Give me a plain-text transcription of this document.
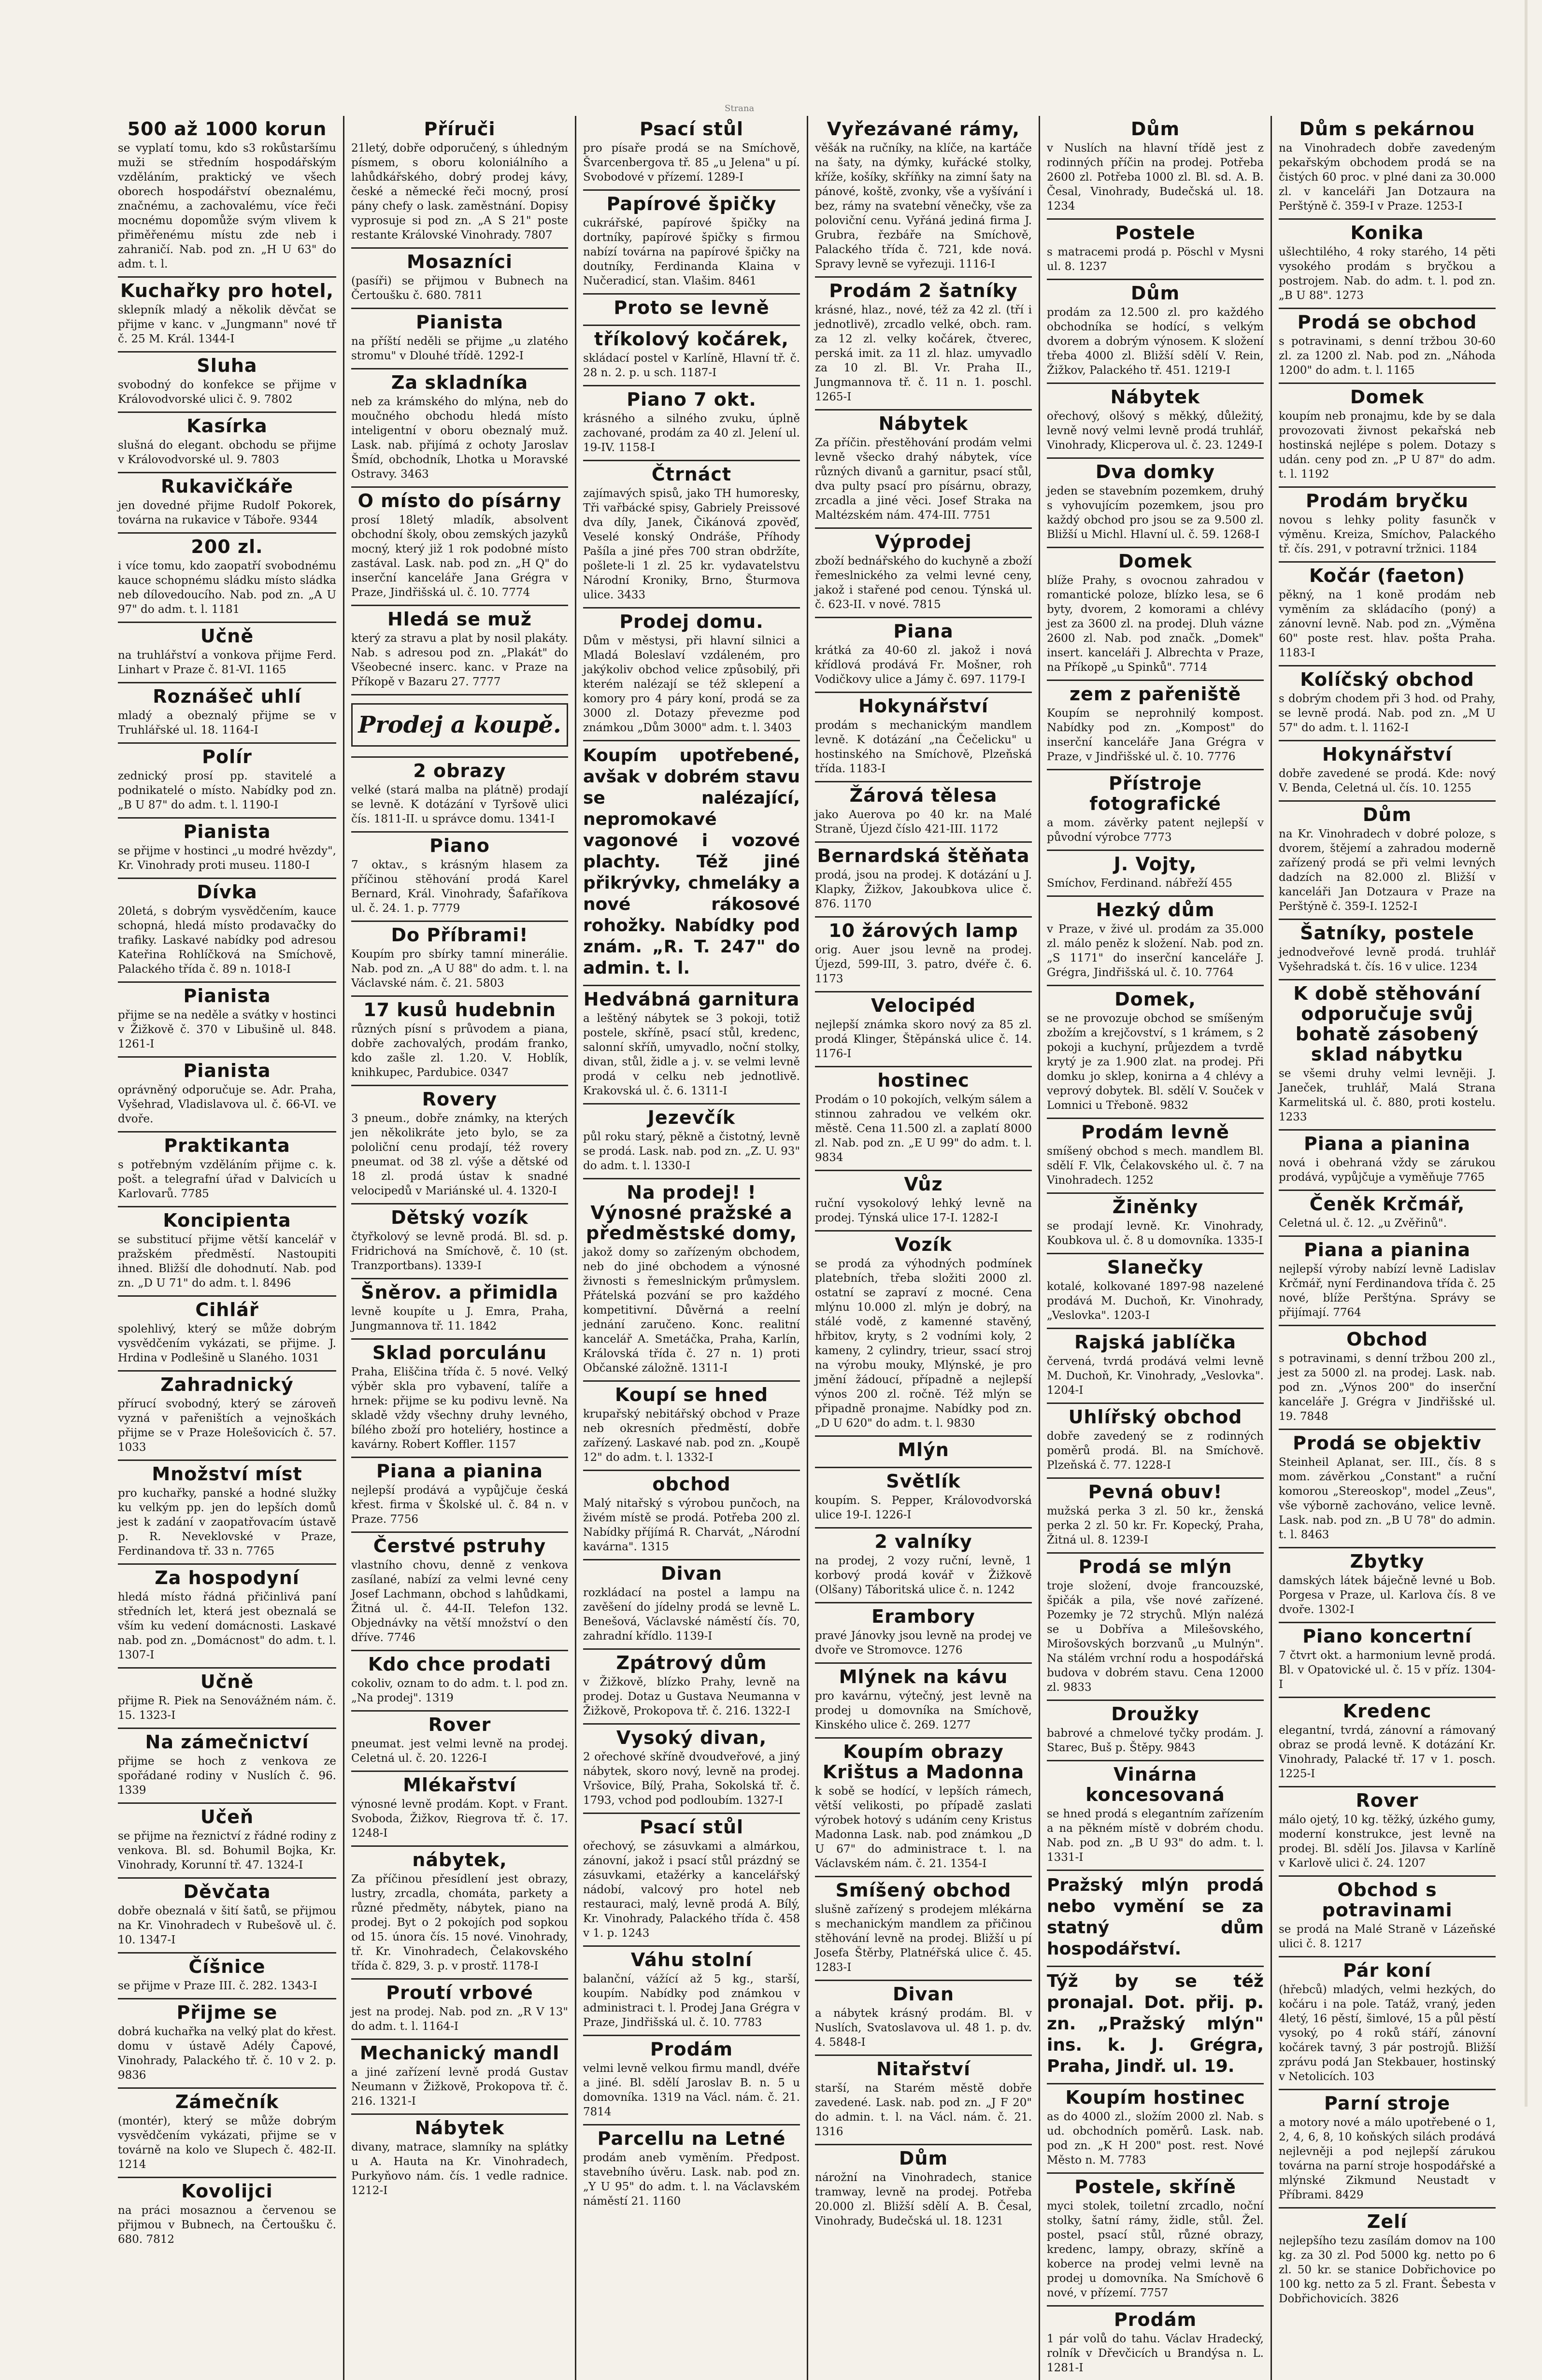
Strana
500 až 1000 korun

se vyplatí tomu, kdo s3 rokůstaršímu muži se středním hospodářským vzděláním, praktický ve všech oborech hospodářství obeznalému, značnému, a zachovalému, více řeči mocnému dopomůže svým vlivem k přiměřenému místu zde neb i zahraničí. Nab. pod zn. „H U 63" do adm. t. l.

Kuchařky pro hotel,

sklepník mladý a několik děvčat se přijme v kanc. v „Jungmann" nové tř č. 25 M. Král. 1344-I

Sluha

svobodný do konfekce se přijme v Královodvorské ulici č. 9. 7802

Kasírka

slušná do elegant. obchodu se přijme v Královodvorské ul. 9. 7803

Rukavičkáře

jen dovedné přijme Rudolf Pokorek, továrna na rukavice v Táboře. 9344

200 zl.

i více tomu, kdo zaopatří svobodnému kauce schopnému sládku místo sládka neb dílovedoucího. Nab. pod zn. „A U 97" do adm. t. l. 1181

Učně

na truhlářství a vonkova přijme Ferd. Linhart v Praze č. 81-VI. 1165

Roznášeč uhlí

mladý a obeznalý přijme se v Truhlářské ul. 18. 1164-I

Polír

zednický prosí pp. stavitelé a podnikatelé o místo. Nabídky pod zn. „B U 87" do adm. t. l. 1190-I

Pianista

se přijme v hostinci „u modré hvězdy", Kr. Vinohrady proti museu. 1180-I

Dívka

20letá, s dobrým vysvědčením, kauce schopná, hledá místo prodavačky do trafiky. Laskavé nabídky pod adresou Kateřina Rohlíčková na Smíchově, Palackého třída č. 89 n. 1018-I

Pianista

přijme se na neděle a svátky v hostinci v Žižkově č. 370 v Libušině ul. 848. 1261-I

Pianista

oprávněný odporučuje se. Adr. Praha, Vyšehrad, Vladislavova ul. č. 66-VI. ve dvoře.

Praktikanta

s potřebným vzděláním přijme c. k. pošt. a telegrafní úřad v Dalvicích u Karlovarů. 7785

Koncipienta

se substitucí přijme větší kancelář v pražském předměstí. Nastoupiti ihned. Bližší dle dohodnutí. Nab. pod zn. „D U 71" do adm. t. l. 8496

Cihlář

spolehlivý, který se může dobrým vysvědčením vykázati, se přijme. J. Hrdina v Podlešině u Slaného. 1031

Zahradnický

přírucí svobodný, který se zároveň vyzná v pařeništích a vejnoškách přijme se v Praze Holešovicích č. 57. 1033

Množství míst

pro kuchařky, panské a hodné služky ku velkým pp. jen do lepších domů jest k zadání v zaopatřovacím ústavě p. R. Neveklovské v Praze, Ferdinandova tř. 33 n. 7765

Za hospodyní

hledá místo řádná přičinlivá paní středních let, která jest obeznalá se vším ku vedení domácnosti. Laskavé nab. pod zn. „Domácnost" do adm. t. l. 1307-I

Učně

přijme R. Piek na Senovážném nám. č. 15. 1323-I

Na zámečnictví

přijme se hoch z venkova ze spořádané rodiny v Nuslích č. 96. 1339

Učeň

se přijme na řeznictví z řádné rodiny z venkova. Bl. sd. Bohumil Bojka, Kr. Vinohrady, Korunní tř. 47. 1324-I

Děvčata

dobře obeznalá v šití šatů, se přijmou na Kr. Vinohradech v Rubešově ul. č. 10. 1347-I

Číšnice

se přijme v Praze III. č. 282. 1343-I

Přijme se

dobrá kuchařka na velký plat do křest. domu v ústavě Adély Čapové, Vinohrady, Palackého tř. č. 10 v 2. p. 9836

Zámečník

(montér), který se může dobrým vysvědčením vykázati, přijme se v továrně na kolo ve Slupech č. 482-II. 1214

Kovolijci

na práci mosaznou a červenou se přijmou v Bubnech, na Čertoušku č. 680. 7812

Příruči

21letý, dobře odporučený, s úhledným písmem, s oboru koloniálního a lahůdkářského, dobrý prodej kávy, české a německé řeči mocný, prosí pány chefy o lask. zaměstnání. Dopisy vyprosuje si pod zn. „A S 21" poste restante Královské Vinohrady. 7807

Mosazníci

(pasíři) se přijmou v Bubnech na Čertoušku č. 680. 7811

Pianista

na příští neděli se přijme „u zlatého stromu" v Dlouhé třídě. 1292-I

Za skladníka

neb za krámského do mlýna, neb do moučného obchodu hledá místo inteligentní v oboru obeznalý muž. Lask. nab. přijímá z ochoty Jaroslav Šmíd, obchodník, Lhotka u Moravské Ostravy. 3463

O místo do písárny

prosí 18letý mladík, absolvent obchodní školy, obou zemských jazyků mocný, který již 1 rok podobné místo zastával. Lask. nab. pod zn. „H Q" do inserční kanceláře Jana Grégra v Praze, Jindřišská ul. č. 10. 7774

Hledá se muž

který za stravu a plat by nosil plakáty. Nab. s adresou pod zn. „Plakát" do Všeobecné inserc. kanc. v Praze na Příkopě v Bazaru 27. 7777

Prodej a koupě.
2 obrazy

velké (stará malba na plátně) prodají se levně. K dotázání v Tyršově ulici čís. 1811-II. u správce domu. 1341-I

Piano

7 oktav., s krásným hlasem za příčinou stěhování prodá Karel Bernard, Král. Vinohrady, Šafaříkova ul. č. 24. 1. p. 7779

Do Příbrami!

Koupím pro sbírky tamní minerálie. Nab. pod zn. „A U 88" do adm. t. l. na Václavské nám. č. 21. 5803

17 kusů hudebnin

různých písní s průvodem a piana, dobře zachovalých, prodám franko, kdo zašle zl. 1.20. V. Hoblík, knihkupec, Pardubice. 0347

Rovery

3 pneum., dobře známky, na kterých jen několikráte jeto bylo, se za pololiční cenu prodají, též rovery pneumat. od 38 zl. výše a dětské od 18 zl. prodá ústav k snadné velocipedů v Mariánské ul. 4. 1320-I

Dětský vozík

čtyřkolový se levně prodá. Bl. sd. p. Fridrichová na Smíchově, č. 10 (st. Tranzportbans). 1339-I

Šněrov. a přimidla

levně koupíte u J. Emra, Praha, Jungmannova tř. 11. 1842

Sklad porculánu

Praha, Eliščina třída č. 5 nové. Velký výběr skla pro vybavení, talíře a hrnek: přijme se ku podivu levně. Na skladě vždy všechny druhy levného, bílého zboží pro hoteliéry, hostince a kavárny. Robert Koffler. 1157

Piana a pianina

nejlepší prodává a vypůjčuje česká křest. firma v Školské ul. č. 84 n. v Praze. 7756

Čerstvé pstruhy

vlastního chovu, denně z venkova zasílané, nabízí za velmi levné ceny Josef Lachmann, obchod s lahůdkami, Žitná ul. č. 44-II. Telefon 132. Objednávky na větší množství o den dříve. 7746

Kdo chce prodati

cokoliv, oznam to do adm. t. l. pod zn. „Na prodej". 1319

Rover

pneumat. jest velmi levně na prodej. Celetná ul. č. 20. 1226-I

Mlékařství

výnosné levně prodám. Kopt. v Frant. Svoboda, Žižkov, Riegrova tř. č. 17. 1248-I

nábytek,

Za příčinou přesídlení jest obrazy, lustry, zrcadla, chomáta, parkety a různé předměty, nábytek, piano na prodej. Byt o 2 pokojích pod sopkou od 15. února čís. 15 nové. Vinohrady, tř. Kr. Vinohradech, Čelakovského třída č. 829, 3. p. v prostř. 1178-I

Proutí vrbové

jest na prodej. Nab. pod zn. „R V 13" do adm. t. l. 1164-I

Mechanický mandl

a jiné zařízení levně prodá Gustav Neumann v Žižkově, Prokopova tř. č. 216. 1321-I

Nábytek

divany, matrace, slamníky na splátky u A. Hauta na Kr. Vinohradech, Purkyňovo nám. čís. 1 vedle radnice. 1212-I

Psací stůl

pro písaře prodá se na Smíchově, Švarcenbergova tř. 85 „u Jelena" u pí. Svobodové v přízemí. 1289-I

Papírové špičky

cukrářské, papírové špičky na dortníky, papírové špičky s firmou nabízí továrna na papírové špičky na doutníky, Ferdinanda Klaina v Nučeradicí, stan. Vlašim. 8461

Proto se levně
tříkolový kočárek,

skládací postel v Karlíně, Hlavní tř. č. 28 n. 2. p. u sch. 1187-I

Piano 7 okt.

krásného a silného zvuku, úplně zachované, prodám za 40 zl. Jelení ul. 19-IV. 1158-I

Čtrnáct

zajímavých spisů, jako TH humoresky, Tři vařbácké spisy, Gabriely Preissové dva díly, Janek, Čikánová zpověď, Veselé konský Ondráše, Příhody Pašíla a jiné přes 700 stran obdržíte, pošlete-li 1 zl. 25 kr. vydavatelstvu Národní Kroniky, Brno, Šturmova ulice. 3433

Prodej domu.

Dům v městysi, při hlavní silnici a Mladá Boleslaví vzdáleném, pro jakýkoliv obchod velice způsobilý, při kterém nalézají se též sklepení a komory pro 4 páry koní, prodá se za 3000 zl. Dotazy převezme pod známkou „Dům 3000" adm. t. l. 3403

Koupím upotřebené, avšak v dobrém stavu se nalézající, nepromokavé vagonové i vozové plachty. Též jiné přikrývky, chmeláky a nové rákosové rohožky. Nabídky pod znám. „R. T. 247" do admin. t. l.

Hedvábná garnitura

a leštěný nábytek se 3 pokoji, totiž postele, skříně, psací stůl, kredenc, salonní skříň, umyvadlo, noční stolky, divan, stůl, židle a j. v. se velmi levně prodá v celku neb jednotlivě. Krakovská ul. č. 6. 1311-I

Jezevčík

půl roku starý, pěkně a čistotný, levně se prodá. Lask. nab. pod zn. „Z. U. 93" do adm. t. l. 1330-I

Na prodej! ! Výnosné pražské a předměstské domy,

jakož domy so zařízeným obchodem, neb do jiné obchodem a výnosné živnosti s řemeslnickým průmyslem. Přátelská pozvání se pro každého kompetitivní. Důvěrná a reelní jednání zaručeno. Konc. realitní kancelář A. Smetáčka, Praha, Karlín, Královská třída č. 27 n. 1) proti Občanské záložně. 1311-I

Koupí se hned

krupařský nebitářský obchod v Praze neb okresních předměstí, dobře zařízený. Laskavé nab. pod zn. „Koupě 12" do adm. t. l. 1332-I

obchod

Malý nitařský s výrobou punčoch, na živém místě se prodá. Potřeba 200 zl. Nabídky příjímá R. Charvát, „Národní kavárna". 1315

Divan

rozkládací na postel a lampu na zavěšení do jídelny prodá se levně L. Benešová, Václavské náměstí čís. 70, zahradní křídlo. 1139-I

Zpátrový dům

v Žižkově, blízko Prahy, levně na prodej. Dotaz u Gustava Neumanna v Žižkově, Prokopova tř. č. 216. 1322-I

Vysoký divan,

2 ořechové skříně dvoudveřové, a jiný nábytek, skoro nový, levně na prodej. Vršovice, Bílý, Praha, Sokolská tř. č. 1793, vchod pod podloubím. 1327-I

Psací stůl

ořechový, se zásuvkami a almárkou, zánovní, jakož i psací stůl prázdný se zásuvkami, etažérky a kancelářský nádobí, valcový pro hotel neb restauraci, malý, levně prodá A. Bílý, Kr. Vinohrady, Palackého třída č. 458 v 1. p. 1243

Váhu stolní

balanční, vážící až 5 kg., starší, koupím. Nabídky pod známkou v administraci t. l. Prodej Jana Grégra v Praze, Jindřišská ul. č. 10. 7783

Prodám

velmi levně velkou firmu mandl, dvéře a jiné. Bl. sdělí Jaroslav B. n. 5 u domovníka. 1319 na Václ. nám. č. 21. 7814

Parcellu na Letné

prodám aneb vyměním. Předpost. stavebního úvěru. Lask. nab. pod zn. „Y U 95" do adm. t. l. na Václavském náměstí 21. 1160

Vyřezávané rámy,

věšák na ručníky, na klíče, na kartáče na šaty, na dýmky, kuřácké stolky, kříže, košíky, skříňky na zimní šaty na pánové, koště, zvonky, vše a vyšívání i bez, rámy na svatební věnečky, vše za poloviční cenu. Vyřáná jediná firma J. Grubra, řezbáře na Smíchově, Palackého třída č. 721, kde nová. Spravy levně se vyřezuji. 1116-I

Prodám 2 šatníky

krásné, hlaz., nové, též za 42 zl. (tří i jednotlivě), zrcadlo velké, obch. ram. za 12 zl. velky kočárek, čtverec, perská imit. za 11 zl. hlaz. umyvadlo za 10 zl. Bl. Vr. Praha II., Jungmannova tř. č. 11 n. 1. poschl. 1265-I

Nábytek

Za příčin. přestěhování prodám velmi levně všecko drahý nábytek, více různých divanů a garnitur, psací stůl, dva pulty psací pro písárnu, obrazy, zrcadla a jiné věci. Josef Straka na Maltézském nám. 474-III. 7751

Výprodej

zboží bednářského do kuchyně a zboží řemeslnického za velmi levné ceny, jakož i stařené pod cenou. Týnská ul. č. 623-II. v nové. 7815

Piana

krátká za 40-60 zl. jakož i nová křídlová prodává Fr. Mošner, roh Vodičkovy ulice a Jámy č. 697. 1179-I

Hokynářství

prodám s mechanickým mandlem levně. K dotázání „na Čečelicku" u hostinského na Smíchově, Plzeňská třída. 1183-I

Žárová tělesa

jako Auerova po 40 kr. na Malé Straně, Újezd číslo 421-III. 1172

Bernardská štěňata

prodá, jsou na prodej. K dotázání u J. Klapky, Žižkov, Jakoubkova ulice č. 876. 1170

10 žárových lamp

orig. Auer jsou levně na prodej. Újezd, 599-III, 3. patro, dvéře č. 6. 1173

Velocipéd

nejlepší známka skoro nový za 85 zl. prodá Klinger, Štěpánská ulice č. 14. 1176-I

hostinec

Prodám o 10 pokojích, velkým sálem a stinnou zahradou ve velkém okr. městě. Cena 11.500 zl. a zaplatí 8000 zl. Nab. pod zn. „E U 99" do adm. t. l. 9834

Vůz

ruční vysokolový lehký levně na prodej. Týnská ulice 17-I. 1282-I

Vozík

se prodá za výhodných podmínek platebních, třeba složiti 2000 zl. ostatní se zapraví z mocné. Cena mlýnu 10.000 zl. mlýn je dobrý, na stálé vodě, z kamenné stavěný, hřbitov, kryty, s 2 vodními koly, 2 kameny, 2 cylindry, trieur, ssací stroj na výrobu mouky, Mlýnské, je pro jmění žádoucí, případně a nejlepší výnos 200 zl. ročně. Též mlýn se připadně pronajme. Nabídky pod zn. „D U 620" do adm. t. l. 9830

Mlýn
Světlík

koupím. S. Pepper, Královodvorská ulice 19-I. 1226-I

2 valníky

na prodej, 2 vozy ruční, levně, 1 korbový prodá kovář v Žižkově (Olšany) Táboritská ulice č. n. 1242

Erambory

pravé Jánovky jsou levně na prodej ve dvoře ve Stromovce. 1276

Mlýnek na kávu

pro kavárnu, výtečný, jest levně na prodej u domovníka na Smíchově, Kinského ulice č. 269. 1277

Koupím obrazy Krištus a Madonna

k sobě se hodící, v lepších rámech, větší velikosti, po případě zaslati výrobek hotový s udáním ceny Kristus Madonna Lask. nab. pod známkou „D U 67" do administrace t. l. na Václavském nám. č. 21. 1354-I

Smíšený obchod

slušně zařízený s prodejem mlékárna s mechanickým mandlem za přičinou stěhování levně na prodej. Bližší u pí Josefa Štěrby, Platnéřská ulice č. 45. 1283-I

Divan

a nábytek krásný prodám. Bl. v Nuslích, Svatoslavova ul. 48 1. p. dv. 4. 5848-I

Nitařství

starší, na Starém městě dobře zavedené. Lask. nab. pod zn. „J F 20" do admin. t. l. na Václ. nám. č. 21. 1316

Dům

nárožní na Vinohradech, stanice tramway, levně na prodej. Potřeba 20.000 zl. Bližší sdělí A. B. Česal, Vinohrady, Budečská ul. 18. 1231

Dům

v Nuslích na hlavní třídě jest z rodinných příčin na prodej. Potřeba 2600 zl. Potřeba 1000 zl. Bl. sd. A. B. Česal, Vinohrady, Budečská ul. 18. 1234

Postele

s matracemi prodá p. Pöschl v Mysni ul. 8. 1237

Dům

prodám za 12.500 zl. pro každého obchodníka se hodící, s velkým dvorem a dobrým výnosem. K složení třeba 4000 zl. Bližší sdělí V. Rein, Žižkov, Palackého tř. 451. 1219-I

Nábytek

ořechový, olšový s měkký, důležitý, levně nový velmi levně prodá truhlář, Vinohrady, Klicperova ul. č. 23. 1249-I

Dva domky

jeden se stavebním pozemkem, druhý s vyhovujícím pozemkem, jsou pro každý obchod pro jsou se za 9.500 zl. Bližší u Michl. Hlavní ul. č. 59. 1268-I

Domek

blíže Prahy, s ovocnou zahradou v romantické poloze, blízko lesa, se 6 byty, dvorem, 2 komorami a chlévy jest za 3600 zl. na prodej. Dluh vázne 2600 zl. Nab. pod značk. „Domek" insert. kanceláři J. Albrechta v Praze, na Příkopě „u Spinků". 7714

zem z pařeniště

Koupím se neprohnilý kompost. Nabídky pod zn. „Kompost" do inserční kanceláře Jana Grégra v Praze, v Jindřišské ul. č. 10. 7776

Přístroje fotografické

a mom. závěrky patent nejlepší v původní výrobce 7773

J. Vojty,

Smíchov, Ferdinand. nábřeží 455

Hezký dům

v Praze, v živé ul. prodám za 35.000 zl. málo peněz k složení. Nab. pod zn. „S 1171" do inserční kanceláře J. Grégra, Jindřišská ul. č. 10. 7764

Domek,

se ne provozuje obchod se smíšeným zbožím a krejčovství, s 1 krámem, s 2 pokoji a kuchyní, průjezdem a tvrdě krytý je za 1.900 zlat. na prodej. Při domku jo sklep, konirna a 4 chlévy a veprový dobytek. Bl. sdělí V. Souček v Lomnici u Třeboně. 9832

Prodám levně

smíšený obchod s mech. mandlem Bl. sdělí F. Vlk, Čelakovského ul. č. 7 na Vinohradech. 1252

Žiněnky

se prodají levně. Kr. Vinohrady, Koubkova ul. č. 8 u domovníka. 1335-I

Slanečky

kotalé, kolkované 1897-98 nazelené prodává M. Duchoň, Kr. Vinohrady, „Veslovka". 1203-I

Rajská jablíčka

červená, tvrdá prodává velmi levně M. Duchoň, Kr. Vinohrady, „Veslovka". 1204-I

Uhlířský obchod

dobře zavedený se z rodinných poměrů prodá. Bl. na Smíchově. Plzeňská č. 77. 1228-I

Pevná obuv!

mužská perka 3 zl. 50 kr., ženská perka 2 zl. 50 kr. Fr. Kopecký, Praha, Žitná ul. 8. 1239-I

Prodá se mlýn

troje složení, dvoje francouzské, špičák a pila, vše nové zařízené. Pozemky je 72 strychů. Mlýn nalézá se u Dobříva a Milešovského, Mirošovských borzvanů „u Mulnýn". Na stálém vrchní rodu a hospodářská budova v dobrém stavu. Cena 12000 zl. 9833

Droužky

babrové a chmelové tyčky prodám. J. Starec, Buš p. Štěpy. 9843

Vinárna koncesovaná

se hned prodá s elegantním zařízením a na pěkném místě v dobrém chodu. Nab. pod zn. „B U 93" do adm. t. l. 1331-I

Pražský mlýn prodá nebo vymění se za statný dům hospodářství.

Týž by se též pronajal. Dot. přij. p. zn. „Pražský mlýn" ins. k. J. Grégra, Praha, Jindř. ul. 19.

Koupím hostinec

as do 4000 zl., složím 2000 zl. Nab. s ud. obchodních poměrů. Lask. nab. pod zn. „K H 200" post. rest. Nové Město n. M. 7783

Postele, skříně

myci stolek, toiletní zrcadlo, noční stolky, šatní rámy, židle, stůl. Žel. postel, psací stůl, různé obrazy, kredenc, lampy, obrazy, skříně a koberce na prodej velmi levně na prodej u domovníka. Na Smíchově 6 nové, v přízemí. 7757

Prodám

1 pár volů do tahu. Václav Hradecký, rolník v Dřevčicích u Brandýsa n. L. 1281-I

Dům s pekárnou

na Vinohradech dobře zavedeným pekařským obchodem prodá se na čistých 60 proc. v plné dani za 30.000 zl. v kanceláři Jan Dotzaura na Perštýně č. 359-I v Praze. 1253-I

Konika

ušlechtilého, 4 roky starého, 14 pěti vysokého prodám s bryčkou a postrojem. Nab. do adm. t. l. pod zn. „B U 88". 1273

Prodá se obchod

s potravinami, s denní tržbou 30-60 zl. za 1200 zl. Nab. pod zn. „Náhoda 1200" do adm. t. l. 1165

Domek

koupím neb pronajmu, kde by se dala provozovati živnost pekařská neb hostinská nejlépe s polem. Dotazy s udán. ceny pod zn. „P U 87" do adm. t. l. 1192

Prodám bryčku

novou s lehky polity fasunčk v výměnu. Kreiza, Smíchov, Palackého tř. čís. 291, v potravní tržnici. 1184

Kočár (faeton)

pěkný, na 1 koně prodám neb vyměním za skládacího (poný) a zánovní levně. Nab. pod zn. „Výměna 60" poste rest. hlav. pošta Praha. 1183-I

Kolíčský obchod

s dobrým chodem při 3 hod. od Prahy, se levně prodá. Nab. pod zn. „M U 57" do adm. t. l. 1162-I

Hokynářství

dobře zavedené se prodá. Kde: nový V. Benda, Celetná ul. čís. 10. 1255

Dům

na Kr. Vinohradech v dobré poloze, s dvorem, štějemí a zahradou moderně zařízený prodá se při velmi levných dadzích na 82.000 zl. Bližší v kanceláři Jan Dotzaura v Praze na Perštýně č. 359-I. 1252-I

Šatníky, postele

jednodveřové levně prodá. truhlář Vyšehradská t. čís. 16 v ulice. 1234

K době stěhování odporučuje svůj bohatě zásobený sklad nábytku

se všemi druhy velmi levněji. J. Janeček, truhlář, Malá Strana Karmelitská ul. č. 880, proti kostelu. 1233

Piana a pianina

nová i obehraná vždy se zárukou prodává, vypůjčuje a vyměňuje 7765

Čeněk Krčmář,

Celetná ul. č. 12. „u Zvěřinů".

Piana a pianina

nejlepší výroby nabízí levně Ladislav Krčmář, nyní Ferdinandova třída č. 25 nové, blíže Perštýna. Správy se přijímají. 7764

Obchod

s potravinami, s denní tržbou 200 zl., jest za 5000 zl. na prodej. Lask. nab. pod zn. „Výnos 200" do inserční kanceláře J. Grégra v Jindřišské ul. 19. 7848

Prodá se objektiv

Steinheil Aplanat, ser. III., čís. 8 s mom. závěrkou „Constant" a ruční komorou „Stereoskop", model „Zeus", vše výborně zachováno, velice levně. Lask. nab. pod zn. „B U 78" do admin. t. l. 8463

Zbytky

damských látek báječně levné u Bob. Porgesa v Praze, ul. Karlova čís. 8 ve dvoře. 1302-I

Piano koncertní

7 čtvrt okt. a harmonium levně prodá. Bl. v Opatovické ul. č. 15 v příz. 1304-I

Kredenc

elegantní, tvrdá, zánovní a rámovaný obraz se prodá levně. K dotázání Kr. Vinohrady, Palacké tř. 17 v 1. posch. 1225-I

Rover

málo ojetý, 10 kg. těžký, úzkého gumy, moderní konstrukce, jest levně na prodej. Bl. sdělí Jos. Jilavsa v Karlíně v Karlově ulici č. 24. 1207

Obchod s potravinami

se prodá na Malé Straně v Lázeňské ulici č. 8. 1217

Pár koní

(hřebců) mladých, velmi hezkých, do kočáru i na pole. Tatáž, vraný, jeden 4letý, 16 pěstí, šimlové, 15 a půl pěstí vysoký, po 4 roků stáří, zánovní kočárek tavný, 3 pár postrojů. Bližší zprávu podá Jan Stekbauer, hostinský v Netolicích. 103

Parní stroje

a motory nové a málo upotřebené o 1, 2, 4, 6, 8, 10 koňských silách prodává nejlevněji a pod nejlepší zárukou továrna na parní stroje hospodářské a mlýnské Zikmund Neustadt v Příbrami. 8429

Zelí

nejlepšího tezu zasílám domov na 100 kg. za 30 zl. Pod 5000 kg. netto po 6 zl. 50 kr. se stanice Dobřichovice po 100 kg. netto za 5 zl. Frant. Šebesta v Dobřichovicích. 3826
